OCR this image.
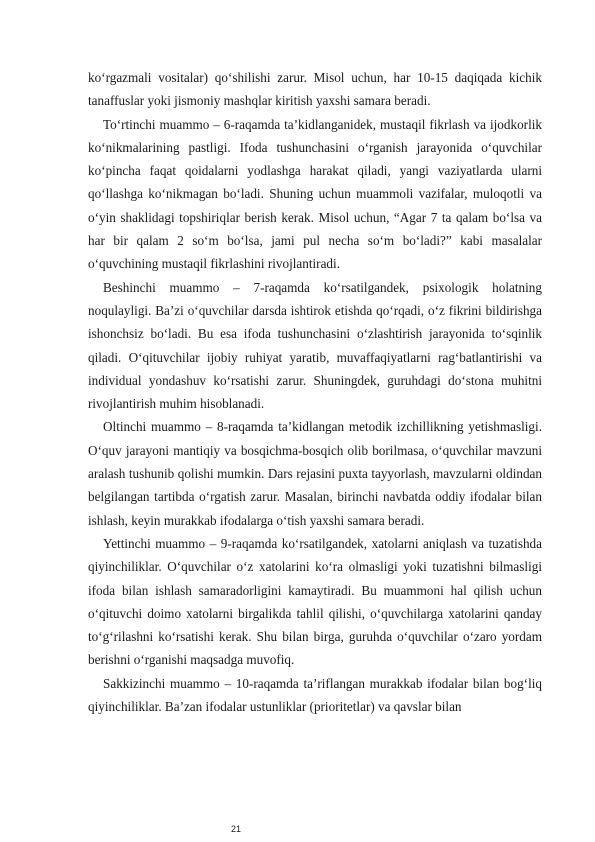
ko‘rgazmali vositalar) qo‘shilishi zarur. Misol uchun, har 10-15 daqiqada kichik tanaffuslar yoki jismoniy mashqlar kiritish yaxshi samara beradi.

To‘rtinchi muammo – 6-raqamda ta’kidlanganidek, mustaqil fikrlash va ijodkorlik ko‘nikmalarining pastligi. Ifoda tushunchasini o‘rganish jarayonida o‘quvchilar ko‘pincha faqat qoidalarni yodlashga harakat qiladi, yangi vaziyatlarda ularni qo‘llashga ko‘nikmagan bo‘ladi. Shuning uchun muammoli vazifalar, muloqotli va o‘yin shaklidagi topshiriqlar berish kerak. Misol uchun, “Agar 7 ta qalam bo‘lsa va har bir qalam 2 so‘m bo‘lsa, jami pul necha so‘m bo‘ladi?” kabi masalalar o‘quvchining mustaqil fikrlashini rivojlantiradi.

Beshinchi muammo – 7-raqamda ko‘rsatilgandek, psixologik holatning noqulayligi. Ba’zi o‘quvchilar darsda ishtirok etishda qo‘rqadi, o‘z fikrini bildirishga ishonchsiz bo‘ladi. Bu esa ifoda tushunchasini o‘zlashtirish jarayonida to‘sqinlik qiladi. O‘qituvchilar ijobiy ruhiyat yaratib, muvaffaqiyatlarni rag‘batlantirishi va individual yondashuv ko‘rsatishi zarur. Shuningdek, guruhdagi do‘stona muhitni rivojlantirish muhim hisoblanadi.

Oltinchi muammo – 8-raqamda ta’kidlangan metodik izchillikning yetishmasligi. O‘quv jarayoni mantiqiy va bosqichma-bosqich olib borilmasa, o‘quvchilar mavzuni aralash tushunib qolishi mumkin. Dars rejasini puxta tayyorlash, mavzularni oldindan belgilangan tartibda o‘rgatish zarur. Masalan, birinchi navbatda oddiy ifodalar bilan ishlash, keyin murakkab ifodalarga o‘tish yaxshi samara beradi.

Yettinchi muammo – 9-raqamda ko‘rsatilgandek, xatolarni aniqlash va tuzatishda qiyinchiliklar. O‘quvchilar o‘z xatolarini ko‘ra olmasligi yoki tuzatishni bilmasligi ifoda bilan ishlash samaradorligini kamaytiradi. Bu muammoni hal qilish uchun o‘qituvchi doimo xatolarni birgalikda tahlil qilishi, o‘quvchilarga xatolarini qanday to‘g‘rilashni ko‘rsatishi kerak. Shu bilan birga, guruhda o‘quvchilar o‘zaro yordam berishni o‘rganishi maqsadga muvofiq.

Sakkizinchi muammo – 10-raqamda ta’riflangan murakkab ifodalar bilan bog‘liq qiyinchiliklar. Ba’zan ifodalar ustunliklar (prioritetlar) va qavslar bilan

21
